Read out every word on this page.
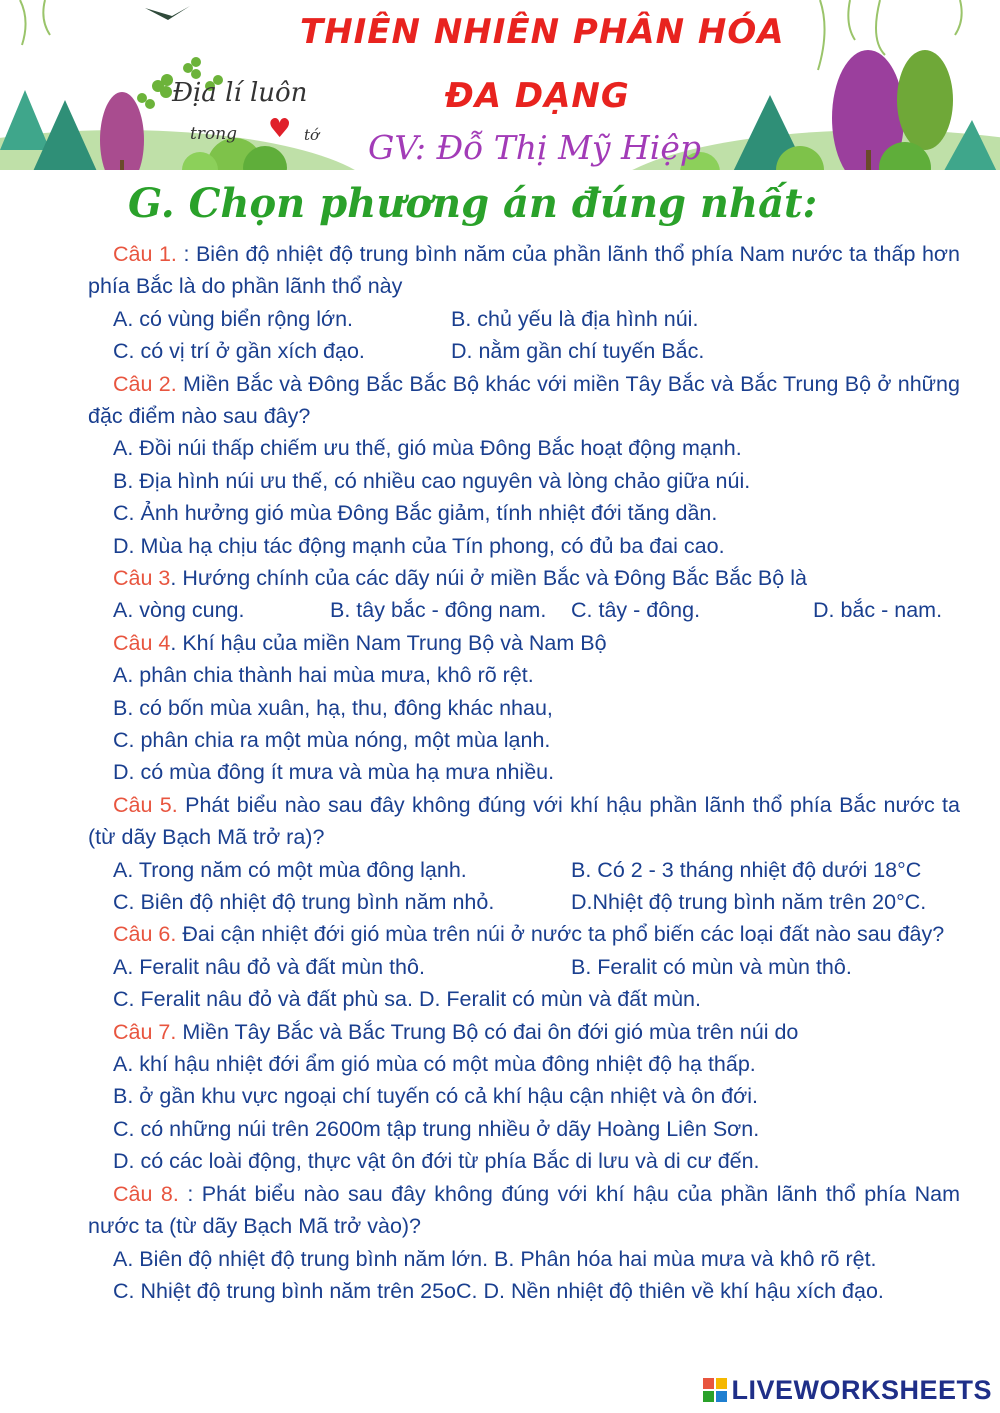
THIÊN NHIÊN PHÂN HÓA
ĐA DẠNG
GV: Đỗ Thị Mỹ Hiệp
Địa lí luôn
trong ♥ tớ
G. Chọn phương án đúng nhất:

Câu 1. : Biên độ nhiệt độ trung bình năm của phần lãnh thổ phía Nam nước ta thấp hơn phía Bắc là do phần lãnh thổ này

A. có vùng biển rộng lớn.	B. chủ yếu là địa hình núi.
C. có vị trí ở gần xích đạo.	D. nằm gần chí tuyến Bắc.

Câu 2. Miền Bắc và Đông Bắc Bắc Bộ khác với miền Tây Bắc và Bắc Trung Bộ ở những đặc điểm nào sau đây?

A. Đồi núi thấp chiếm ưu thế, gió mùa Đông Bắc hoạt động mạnh.
B. Địa hình núi ưu thế, có nhiều cao nguyên và lòng chảo giữa núi.
C. Ảnh hưởng gió mùa Đông Bắc giảm, tính nhiệt đới tăng dần.
D. Mùa hạ chịu tác động mạnh của Tín phong, có đủ ba đai cao.

Câu 3. Hướng chính của các dãy núi ở miền Bắc và Đông Bắc Bắc Bộ là

A. vòng cung.	B. tây bắc - đông nam. C. tây - đông.	D. bắc - nam.

Câu 4. Khí hậu của miền Nam Trung Bộ và Nam Bộ

A. phân chia thành hai mùa mưa, khô rõ rệt.
B. có bốn mùa xuân, hạ, thu, đông khác nhau,
C. phân chia ra một mùa nóng, một mùa lạnh.
D. có mùa đông ít mưa và mùa hạ mưa nhiều.

Câu 5. Phát biểu nào sau đây không đúng với khí hậu phần lãnh thổ phía Bắc nước ta (từ dãy Bạch Mã trở ra)?

A. Trong năm có một mùa đông lạnh.	B. Có 2 - 3 tháng nhiệt độ dưới 18°C
C. Biên độ nhiệt độ trung bình năm nhỏ.	D.Nhiệt độ trung bình năm trên 20°C.

Câu 6. Đai cận nhiệt đới gió mùa trên núi ở nước ta phổ biến các loại đất nào sau đây?

A. Feralit nâu đỏ và đất mùn thô.	B. Feralit có mùn và mùn thô.
C. Feralit nâu đỏ và đất phù sa. D. Feralit có mùn và đất mùn.

Câu 7. Miền Tây Bắc và Bắc Trung Bộ có đai ôn đới gió mùa trên núi do

A. khí hậu nhiệt đới ẩm gió mùa có một mùa đông nhiệt độ hạ thấp.
B. ở gần khu vực ngoại chí tuyến có cả khí hậu cận nhiệt và ôn đới.
C. có những núi trên 2600m tập trung nhiều ở dãy Hoàng Liên Sơn.
D. có các loài động, thực vật ôn đới từ phía Bắc di lưu và di cư đến.

Câu 8. : Phát biểu nào sau đây không đúng với khí hậu của phần lãnh thổ phía Nam nước ta (từ dãy Bạch Mã trở vào)?

A. Biên độ nhiệt độ trung bình năm lớn. B. Phân hóa hai mùa mưa và khô rõ rệt.
C. Nhiệt độ trung bình năm trên 25oC. D. Nền nhiệt độ thiên về khí hậu xích đạo.
LIVEWORKSHEETS
